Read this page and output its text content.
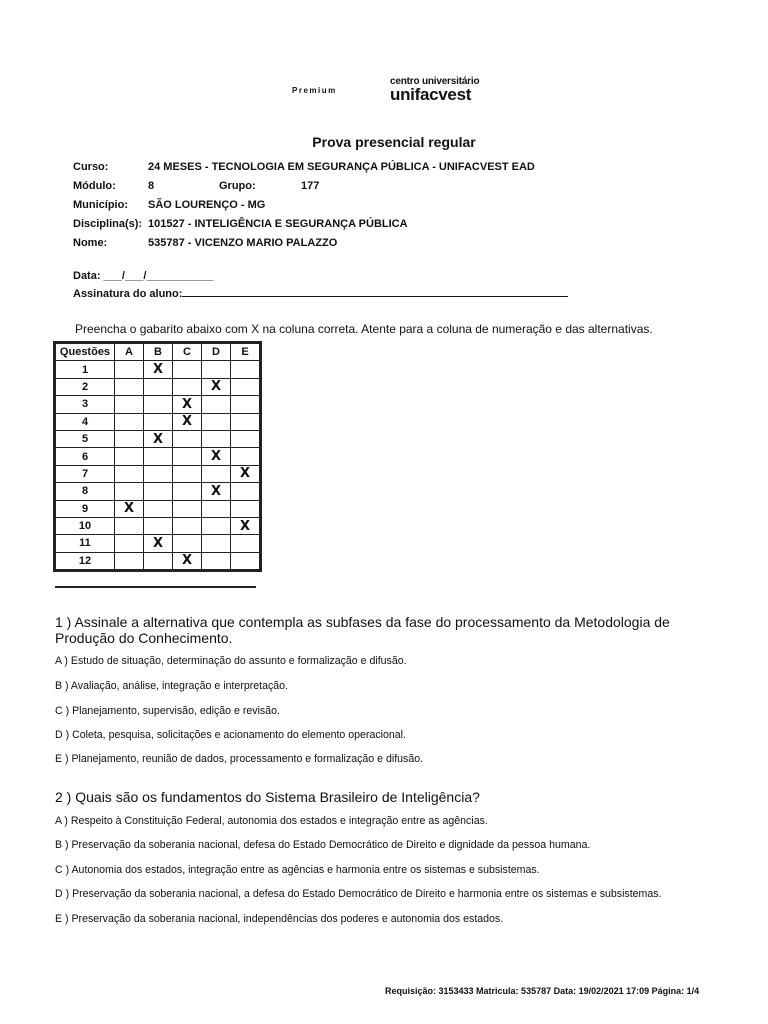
Premium
centro universitário
unifacvest
Prova presencial regular
Curso:	24 MESES - TECNOLOGIA EM SEGURANÇA PÚBLICA - UNIFACVEST EAD
Módulo:	8	Grupo:	177
Município: SÃO LOURENÇO - MG
Disciplina(s): 101527 - INTELIGÊNCIA E SEGURANÇA PÚBLICA
Nome:	535787 - VICENZO MARIO PALAZZO
Data: ___/___/___________
Assinatura do aluno:
Preencha o gabarito abaixo com X na coluna correta. Atente para a coluna de numeração e das alternativas.
Questões	A	B	C	D	E
1		X			
2				X	
3			X		
4			X		
5		X			
6				X	
7					X
8				X	
9	X				
10					X
11		X			
12			X		
1 ) Assinale a alternativa que contempla as subfases da fase do processamento da Metodologia de Produção do Conhecimento.
A ) Estudo de situação, determinação do assunto e formalização e difusão.
B ) Avaliação, análise, integração e interpretação.
C ) Planejamento, supervisão, edição e revisão.
D ) Coleta, pesquisa, solicitações e acionamento do elemento operacional.
E ) Planejamento, reunião de dados, processamento e formalização e difusão.
2 ) Quais são os fundamentos do Sistema Brasileiro de Inteligência?
A ) Respeito à Constituição Federal, autonomia dos estados e integração entre as agências.
B ) Preservação da soberania nacional, defesa do Estado Democrático de Direito e dignidade da pessoa humana.
C ) Autonomia dos estados, integração entre as agências e harmonia entre os sistemas e subsistemas.
D ) Preservação da soberania nacional, a defesa do Estado Democrático de Direito e harmonia entre os sistemas e subsistemas.
E ) Preservação da soberania nacional, independências dos poderes e autonomia dos estados.
Requisição: 3153433 Matricula: 535787 Data: 19/02/2021 17:09 Página: 1/4
